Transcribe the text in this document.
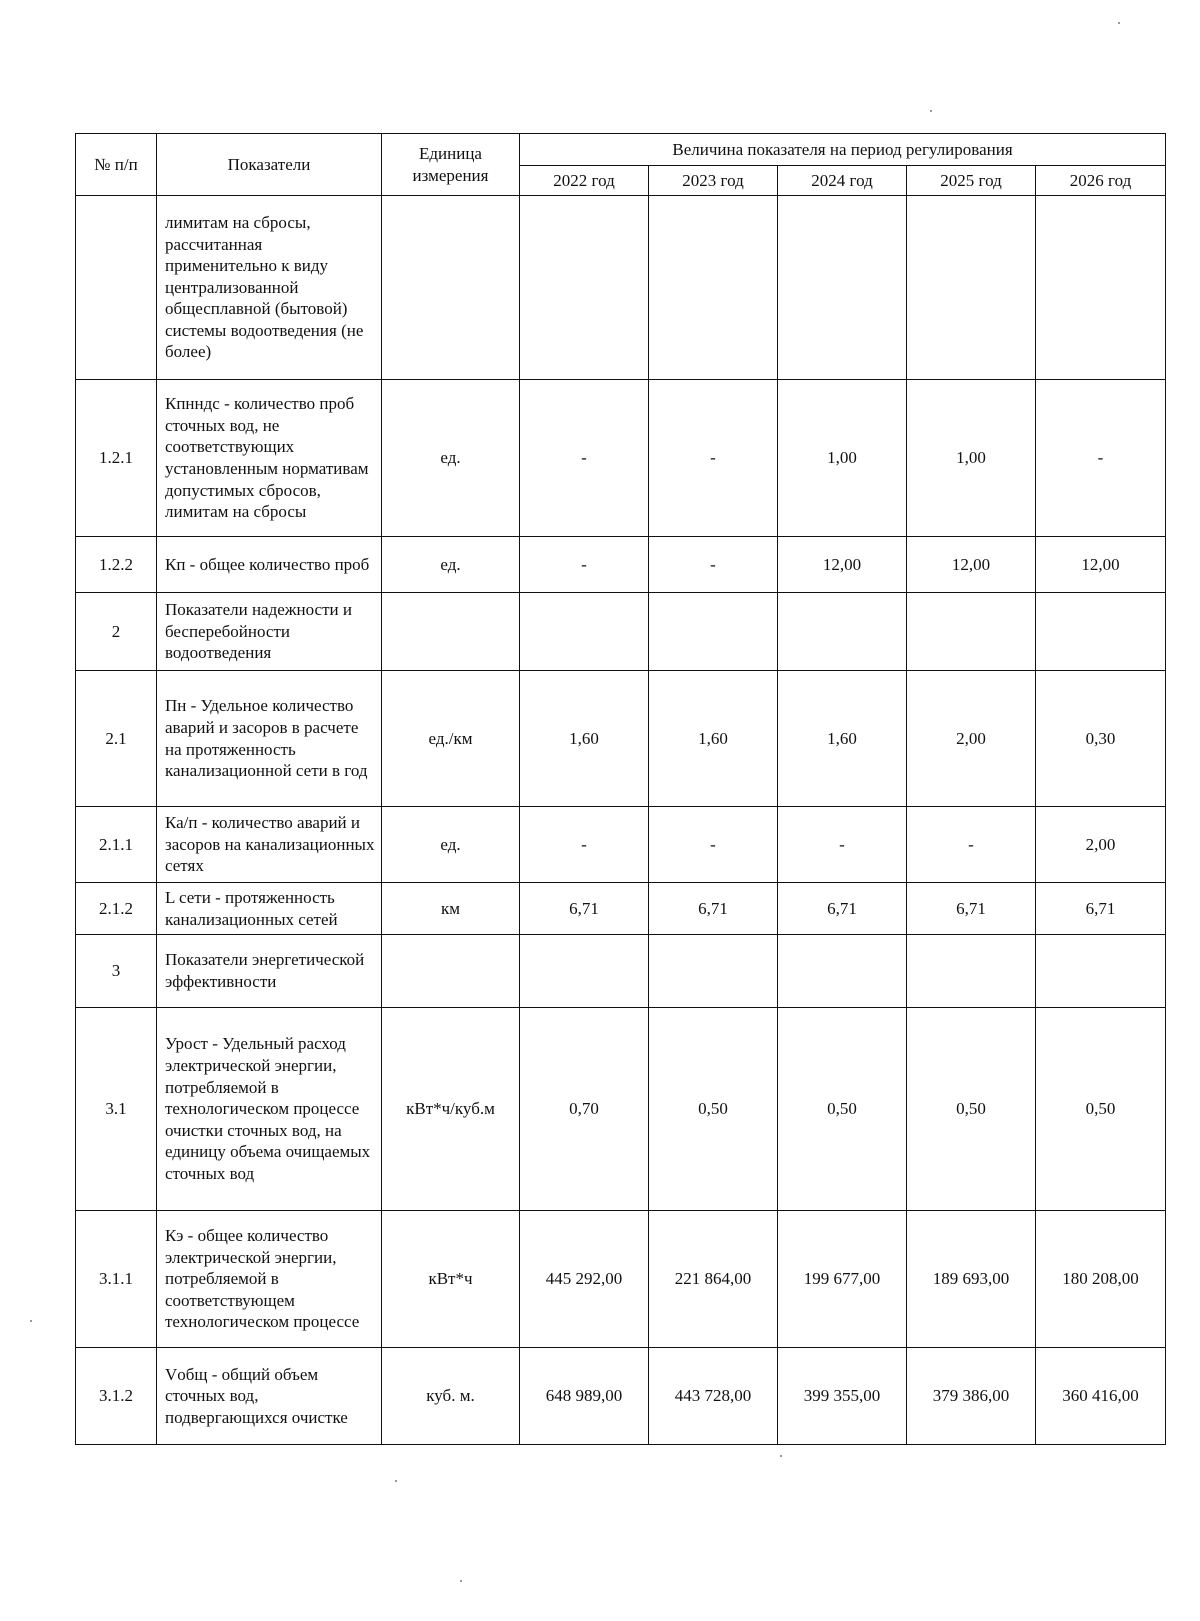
№ п/п	Показатели	Единица измерения	Величина показателя на период регулирования				
			2022 год	2023 год	2024 год	2025 год	2026 год
	лимитам на сбросы, рассчитанная применительно к виду централизованной общесплавной (бытовой) системы водоотведения (не более)						
1.2.1	Кпнндс - количество проб сточных вод, не соответствующих установленным нормативам допустимых сбросов, лимитам на сбросы	ед.	-	-	1,00	1,00	-
1.2.2	Кп - общее количество проб	ед.	-	-	12,00	12,00	12,00
2	Показатели надежности и бесперебойности водоотведения						
2.1	Пн - Удельное количество аварий и засоров в расчете на протяженность канализационной сети в год	ед./км	1,60	1,60	1,60	2,00	0,30
2.1.1	Ка/п - количество аварий и засоров на канализационных сетях	ед.	-	-	-	-	2,00
2.1.2	L сети - протяженность канализационных сетей	км	6,71	6,71	6,71	6,71	6,71
3	Показатели энергетической эффективности						
3.1	Урост - Удельный расход электрической энергии, потребляемой в технологическом процессе очистки сточных вод, на единицу объема очищаемых сточных вод	кВт*ч/куб.м	0,70	0,50	0,50	0,50	0,50
3.1.1	Кэ - общее количество электрической энергии, потребляемой в соответствующем технологическом процессе	кВт*ч	445 292,00	221 864,00	199 677,00	189 693,00	180 208,00
3.1.2	Vобщ - общий объем сточных вод, подвергающихся очистке	куб. м.	648 989,00	443 728,00	399 355,00	379 386,00	360 416,00
